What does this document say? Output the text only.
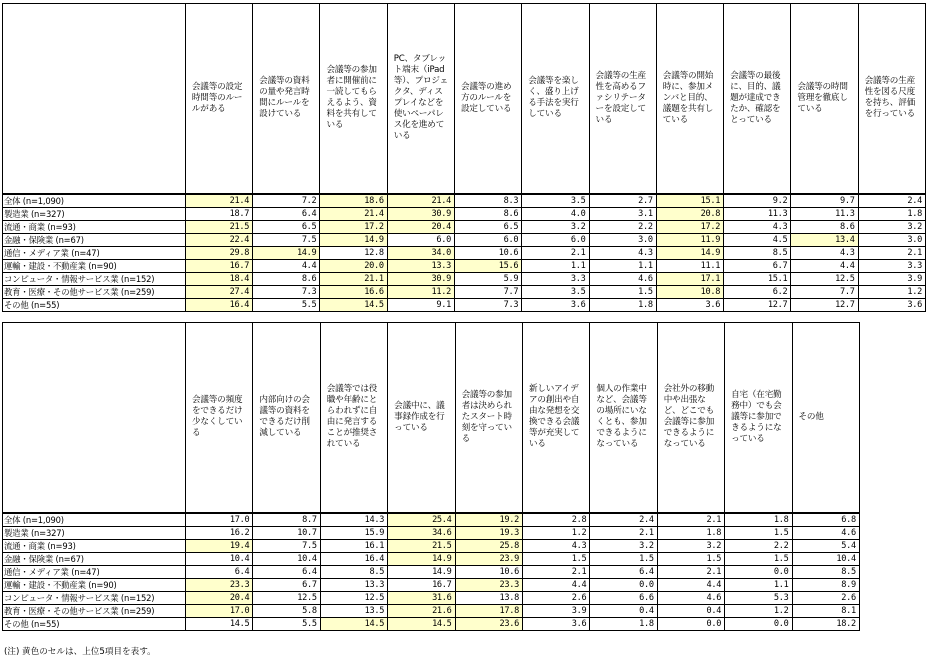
	会議等の設定時間等のルールがある	会議等の資料の量や発言時間にルールを設けている	会議等の参加者に開催前に一読してもらえるよう、資料を共有している	PC、タブレット端末（iPad等）、プロジェクタ、ディスプレイなどを使いペーパレス化を進めている	会議等の進め方のルールを設定している	会議等を楽しく、盛り上げる手法を実行している	会議等の生産性を高めるファシリテーターを設定している	会議等の開始時に、参加メンバと目的、議題を共有している	会議等の最後に、目的、議題が達成できたか、確認をとっている	会議等の時間管理を徹底している	会議等の生産性を図る尺度を持ち、評価を行っている
全体 (n=1,090)	21.4	7.2	18.6	21.4	8.3	3.5	2.7	15.1	9.2	9.7	2.4
製造業 (n=327)	18.7	6.4	21.4	30.9	8.6	4.0	3.1	20.8	11.3	11.3	1.8
流通・商業 (n=93)	21.5	6.5	17.2	20.4	6.5	3.2	2.2	17.2	4.3	8.6	3.2
金融・保険業 (n=67)	22.4	7.5	14.9	6.0	6.0	6.0	3.0	11.9	4.5	13.4	3.0
通信・メディア業 (n=47)	29.8	14.9	12.8	34.0	10.6	2.1	4.3	14.9	8.5	4.3	2.1
運輸・建設・不動産業 (n=90)	16.7	4.4	20.0	13.3	15.6	1.1	1.1	11.1	6.7	4.4	3.3
コンピュータ・情報サービス業 (n=152)	18.4	8.6	21.1	30.9	5.9	3.3	4.6	17.1	15.1	12.5	3.9
教育・医療・その他サービス業 (n=259)	27.4	7.3	16.6	11.2	7.7	3.5	1.5	10.8	6.2	7.7	1.2
その他 (n=55)	16.4	5.5	14.5	9.1	7.3	3.6	1.8	3.6	12.7	12.7	3.6
	会議等の頻度をできるだけ少なくしている	内部向けの会議等の資料をできるだけ削減している	会議等では役職や年齢にとらわれずに自由に発言することが推奨されている	会議中に、議事録作成を行っている	会議等の参加者は決められたスタート時刻を守っている	新しいアイデアの創出や自由な発想を交換できる会議等が充実している	個人の作業中など、会議等の場所にいなくとも、参加できるようになっている	会社外の移動中や出張など、どこでも会議等に参加できるようになっている	自宅（在宅勤務中）でも会議等に参加できるようになっている	その他
全体 (n=1,090)	17.0	8.7	14.3	25.4	19.2	2.8	2.4	2.1	1.8	6.8
製造業 (n=327)	16.2	10.7	15.9	34.6	19.3	1.2	2.1	1.8	1.5	4.6
流通・商業 (n=93)	19.4	7.5	16.1	21.5	25.8	4.3	3.2	3.2	2.2	5.4
金融・保険業 (n=67)	10.4	10.4	16.4	14.9	23.9	1.5	1.5	1.5	1.5	10.4
通信・メディア業 (n=47)	6.4	6.4	8.5	14.9	10.6	2.1	6.4	2.1	0.0	8.5
運輸・建設・不動産業 (n=90)	23.3	6.7	13.3	16.7	23.3	4.4	0.0	4.4	1.1	8.9
コンピュータ・情報サービス業 (n=152)	20.4	12.5	12.5	31.6	13.8	2.6	6.6	4.6	5.3	2.6
教育・医療・その他サービス業 (n=259)	17.0	5.8	13.5	21.6	17.8	3.9	0.4	0.4	1.2	8.1
その他 (n=55)	14.5	5.5	14.5	14.5	23.6	3.6	1.8	0.0	0.0	18.2
(注) 黄色のセルは、上位5項目を表す。
